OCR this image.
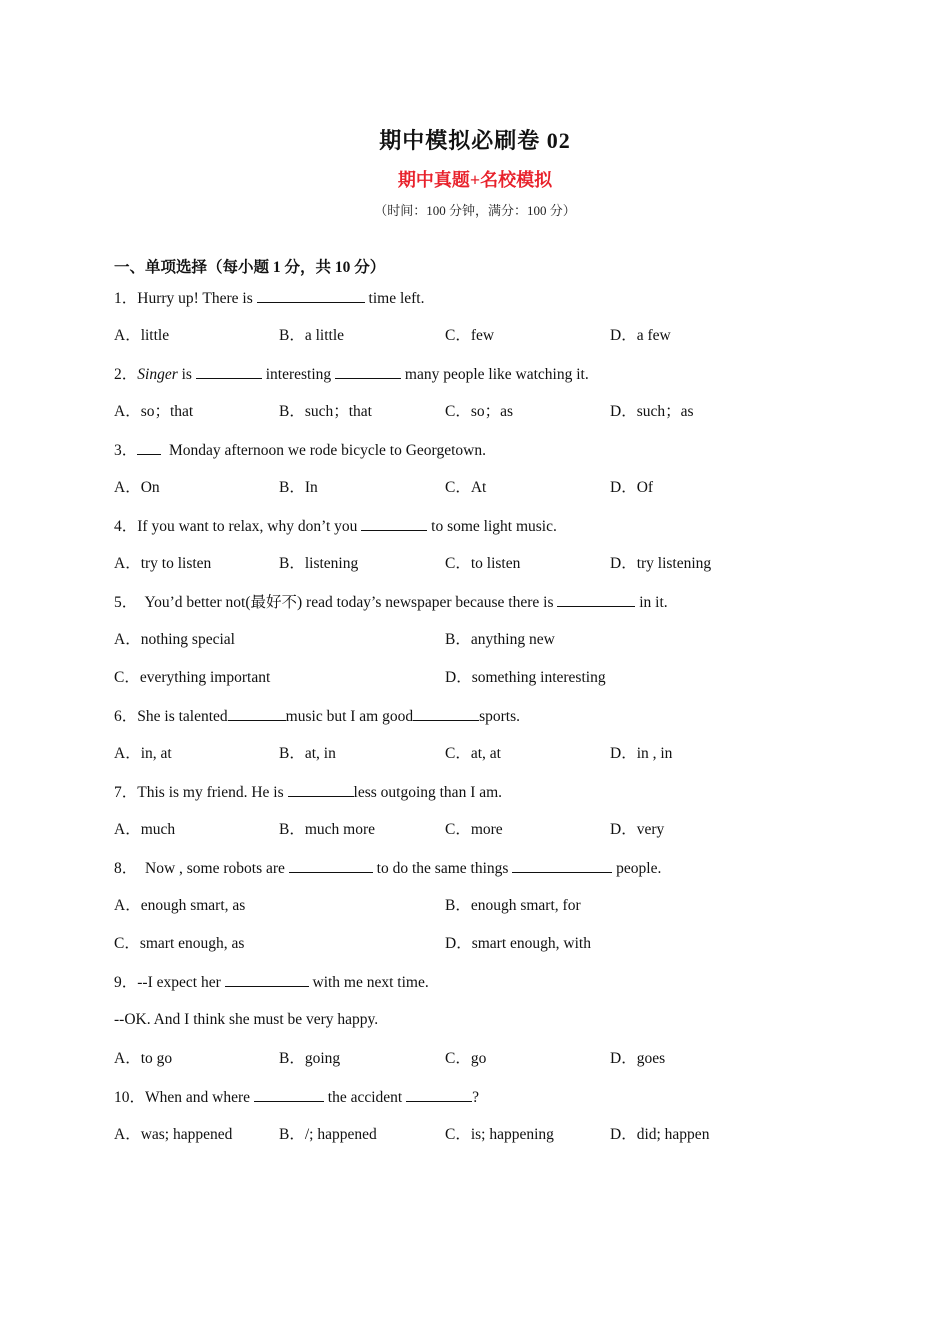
期中模拟必刷卷 02
期中真题+名校模拟
（时间：100 分钟，满分：100 分）
一、单项选择（每小题 1 分，共 10 分）
1．Hurry up! There is	time left.
A．little	B．a little	C．few	D．a few
2．Singer is	interesting	many people like watching it.
A．so；that	B．such；that	C．so；as	D．such；as
3．  Monday afternoon we rode bicycle to Georgetown.
A．On	B．In	C．At	D．Of
4．If you want to relax, why don’t you	to some light music.
A．try to listen	B．listening	C．to listen	D．try listening
5．  You’d better not(最好不) read today’s newspaper because there is	in it.
A．nothing special	B．anything new
C．everything important	D．something interesting
6．She is talented	music but I am good	sports.
A．in, at	B．at, in	C．at, at	D．in , in
7．This is my friend. He is	less outgoing than I am.
A．much	B．much more	C．more	D．very
8．  Now , some robots are	to do the same things	people.
A．enough smart, as	B．enough smart, for
C．smart enough, as	D．smart enough, with
9．--I expect her	with me next time.
--OK. And I think she must be very happy.
A．to go	B．going	C．go	D．goes
10．When and where	the accident	?
A．was; happened	B．/; happened	C．is; happening	D．did; happen
